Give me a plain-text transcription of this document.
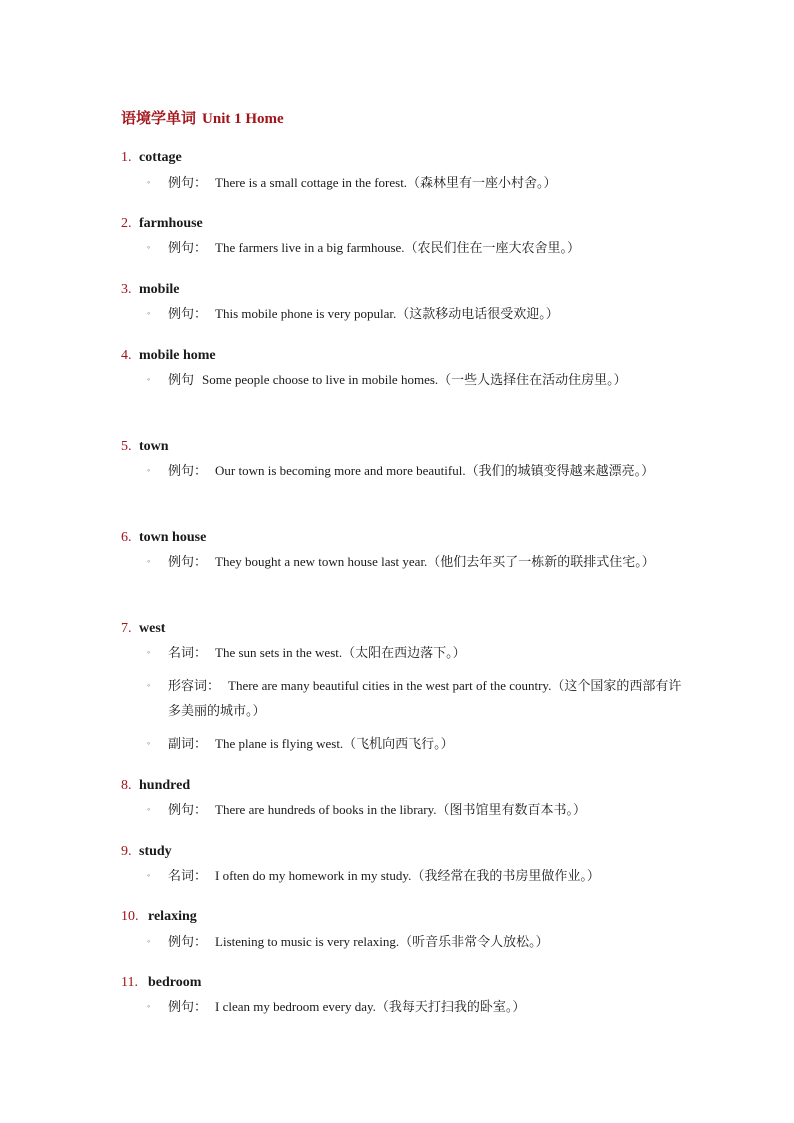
语境学单词 Unit 1 Home
1. cottage
◦ 例句： There is a small cottage in the forest.（森林里有一座小村舍。）
2. farmhouse
◦ 例句： The farmers live in a big farmhouse.（农民们住在一座大农舍里。）
3. mobile
◦ 例句： This mobile phone is very popular.（这款移动电话很受欢迎。）
4. mobile home
◦ 例句 Some people choose to live in mobile homes.（一些人选择住在活动住房里。）
5. town
◦ 例句： Our town is becoming more and more beautiful.（我们的城镇变得越来越漂亮。）
6. town house
◦ 例句： They bought a new town house last year.（他们去年买了一栋新的联排式住宅。）
7. west
◦ 名词： The sun sets in the west.（太阳在西边落下。）
◦ 形容词： There are many beautiful cities in the west part of the country.（这个国家的西部有许多美丽的城市。）
◦ 副词： The plane is flying west.（飞机向西飞行。）
8. hundred
◦ 例句： There are hundreds of books in the library.（图书馆里有数百本书。）
9. study
◦ 名词： I often do my homework in my study.（我经常在我的书房里做作业。）
10. relaxing
◦ 例句： Listening to music is very relaxing.（听音乐非常令人放松。）
11. bedroom
◦ 例句： I clean my bedroom every day.（我每天打扫我的卧室。）
